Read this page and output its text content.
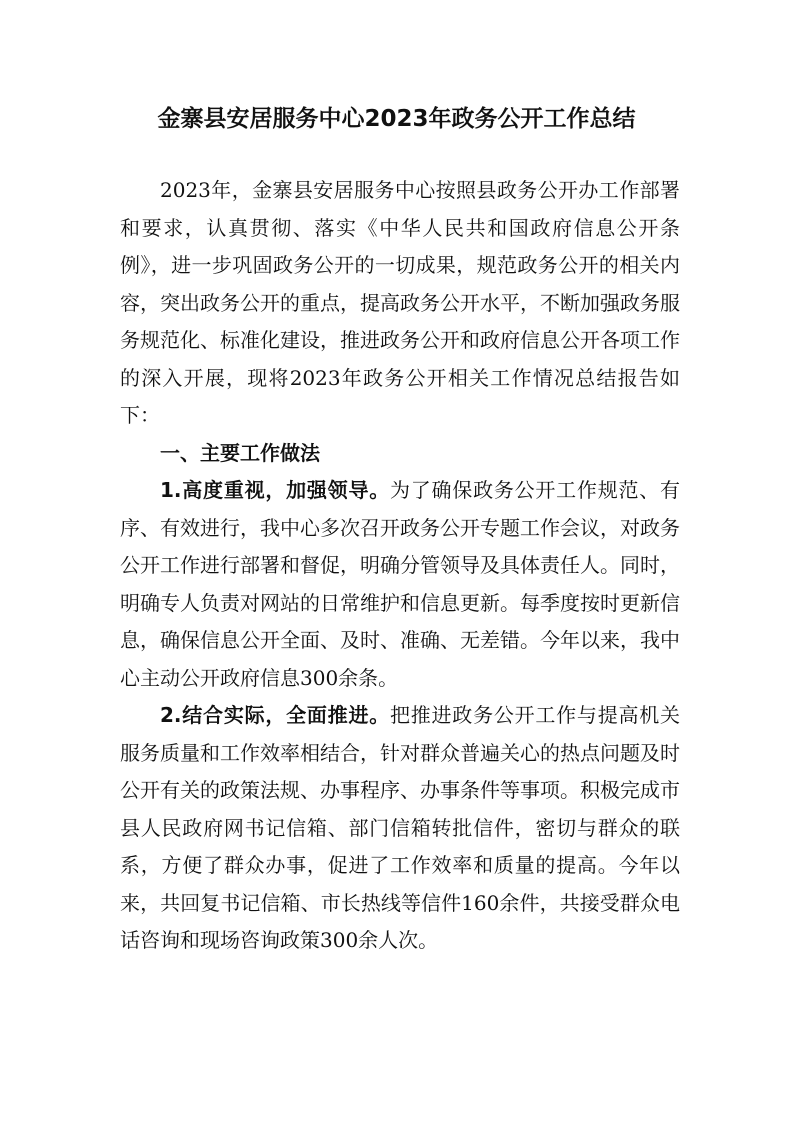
金寨县安居服务中心2023年政务公开工作总结

2023年，金寨县安居服务中心按照县政务公开办工作部署和要求，认真贯彻、落实《中华人民共和国政府信息公开条例》，进一步巩固政务公开的一切成果，规范政务公开的相关内容，突出政务公开的重点，提高政务公开水平，不断加强政务服务规范化、标准化建设，推进政务公开和政府信息公开各项工作的深入开展，现将2023年政务公开相关工作情况总结报告如下：

一、主要工作做法

1.高度重视，加强领导。为了确保政务公开工作规范、有序、有效进行，我中心多次召开政务公开专题工作会议，对政务公开工作进行部署和督促，明确分管领导及具体责任人。同时，明确专人负责对网站的日常维护和信息更新。每季度按时更新信息，确保信息公开全面、及时、准确、无差错。今年以来，我中心主动公开政府信息300余条。

2.结合实际，全面推进。把推进政务公开工作与提高机关服务质量和工作效率相结合，针对群众普遍关心的热点问题及时公开有关的政策法规、办事程序、办事条件等事项。积极完成市县人民政府网书记信箱、部门信箱转批信件，密切与群众的联系，方便了群众办事，促进了工作效率和质量的提高。今年以来，共回复书记信箱、市长热线等信件160余件，共接受群众电话咨询和现场咨询政策300余人次。
